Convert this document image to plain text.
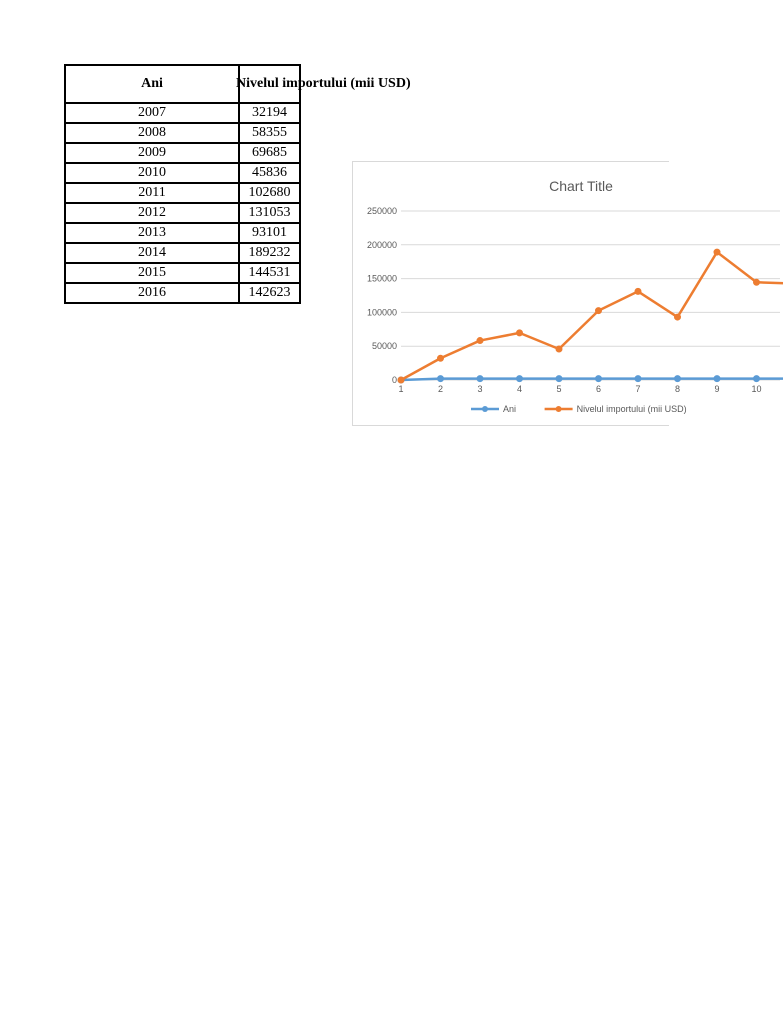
Ani	Nivelul importului (mii USD)

2007	32194
2008	58355
2009	69685
2010	45836
2011	102680
2012	131053
2013	93101
2014	189232
2015	144531
2016	142623
Chart Title
0
50000
100000
150000
200000
250000
1	2	3	4	5	6	7	8	9	10
Ani	Nivelul importului (mii USD)
